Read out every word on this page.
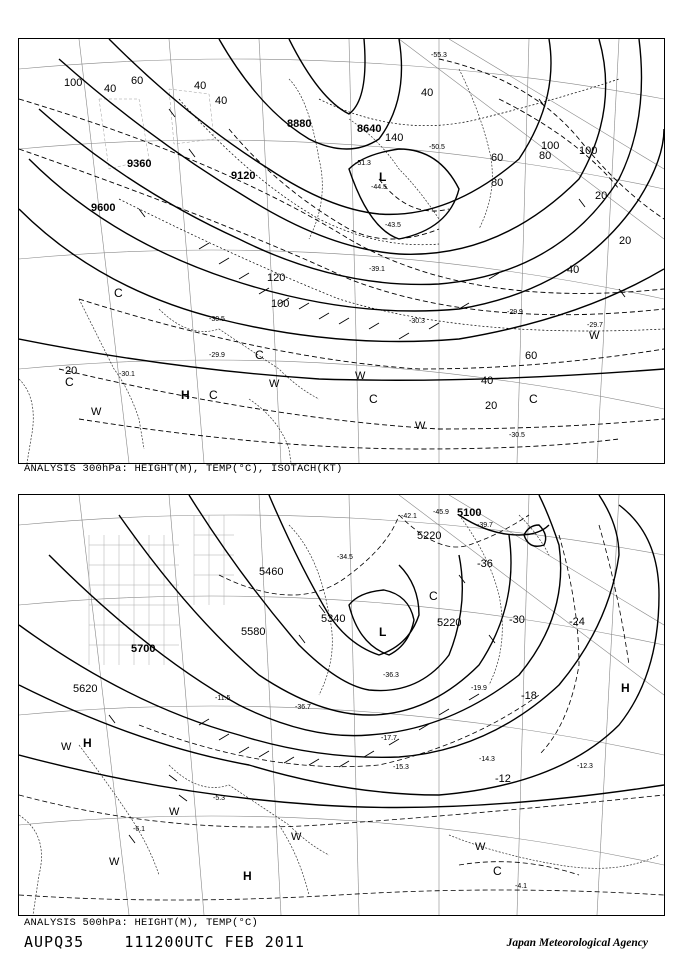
9600
9360
9120
8880	8640
100 40
60	40
80
100
120
140
100
60
40
20
20
40
60
80
100
20
40
20
40
-30.1
-30.5
-29.7
-29.9
-30.3
-44.5
-51.3
-50.5
-55.3
-43.5
-39.1
-29.9
-30.5
L
H
C
C
C
C
C
C
W
W
W
W
W
ANALYSIS 300hPa: HEIGHT(M), TEMP(°C), ISOTACH(KT)
5100
5220
5340
5460
5580
5700
5220
5620
-45.9
-42.1
-39.7
-34.5
-36.7
-36.3
-19.9
-17.7
-15.3
-14.3
-12.3
-11.5
-5.3
-4.1
-6.1
-30	-24
-18
-12
-36
L
H
H
H
W
W
W
W
W
C
C
ANALYSIS 500hPa: HEIGHT(M), TEMP(°C)
AUPQ35	111200UTC FEB 2011	Japan Meteorological Agency
